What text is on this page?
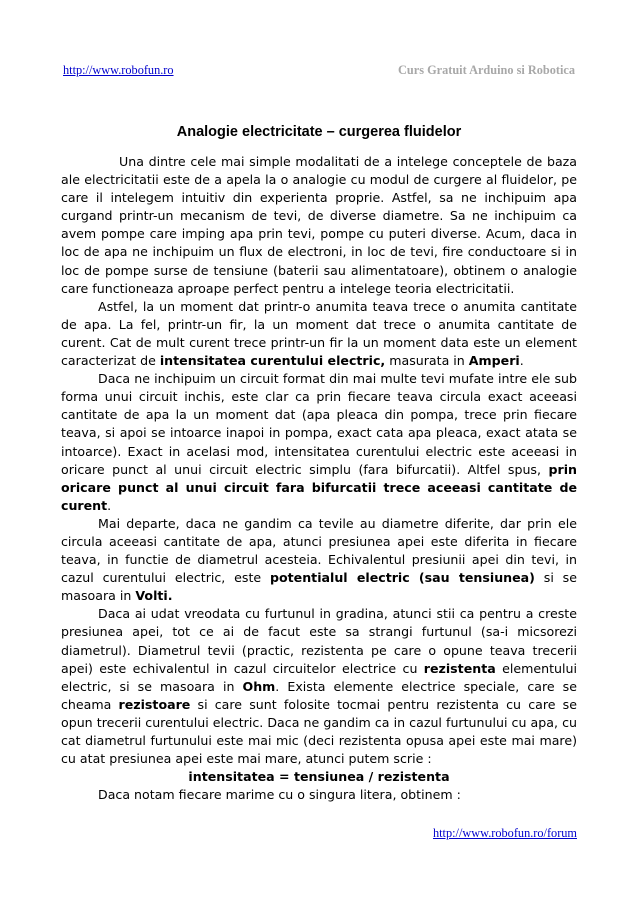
http://www.robofun.ro	Curs Gratuit Arduino si Robotica
Analogie electricitate – curgerea fluidelor

Una dintre cele mai simple modalitati de a intelege conceptele de baza ale electricitatii este de a apela la o analogie cu modul de curgere al fluidelor, pe care il intelegem intuitiv din experienta proprie. Astfel, sa ne inchipuim apa curgand printr-un mecanism de tevi, de diverse diametre. Sa ne inchipuim ca avem pompe care imping apa prin tevi, pompe cu puteri diverse. Acum, daca in loc de apa ne inchipuim un flux de electroni, in loc de tevi, fire conductoare si in loc de pompe surse de tensiune (baterii sau alimentatoare), obtinem o analogie care functioneaza aproape perfect pentru a intelege teoria electricitatii.

Astfel, la un moment dat printr-o anumita teava trece o anumita cantitate de apa. La fel, printr-un fir, la un moment dat trece o anumita cantitate de curent. Cat de mult curent trece printr-un fir la un moment data este un element caracterizat de intensitatea curentului electric, masurata in Amperi.

Daca ne inchipuim un circuit format din mai multe tevi mufate intre ele sub forma unui circuit inchis, este clar ca prin fiecare teava circula exact aceeasi cantitate de apa la un moment dat (apa pleaca din pompa, trece prin fiecare teava, si apoi se intoarce inapoi in pompa, exact cata apa pleaca, exact atata se intoarce). Exact in acelasi mod, intensitatea curentului electric este aceeasi in oricare punct al unui circuit electric simplu (fara bifurcatii). Altfel spus, prin oricare punct al unui circuit fara bifurcatii trece aceeasi cantitate de curent.

Mai departe, daca ne gandim ca tevile au diametre diferite, dar prin ele circula aceeasi cantitate de apa, atunci presiunea apei este diferita in fiecare teava, in functie de diametrul acesteia. Echivalentul presiunii apei din tevi, in cazul curentului electric, este potentialul electric (sau tensiunea) si se masoara in Volti.

Daca ai udat vreodata cu furtunul in gradina, atunci stii ca pentru a creste presiunea apei, tot ce ai de facut este sa strangi furtunul (sa-i micsorezi diametrul). Diametrul tevii (practic, rezistenta pe care o opune teava trecerii apei) este echivalentul in cazul circuitelor electrice cu rezistenta elementului electric, si se masoara in Ohm. Exista elemente electrice speciale, care se cheama rezistoare si care sunt folosite tocmai pentru rezistenta cu care se opun trecerii curentului electric. Daca ne gandim ca in cazul furtunului cu apa, cu cat diametrul furtunului este mai mic (deci rezistenta opusa apei este mai mare) cu atat presiunea apei este mai mare, atunci putem scrie :

intensitatea = tensiunea / rezistenta

Daca notam fiecare marime cu o singura litera, obtinem :

http://www.robofun.ro/forum
